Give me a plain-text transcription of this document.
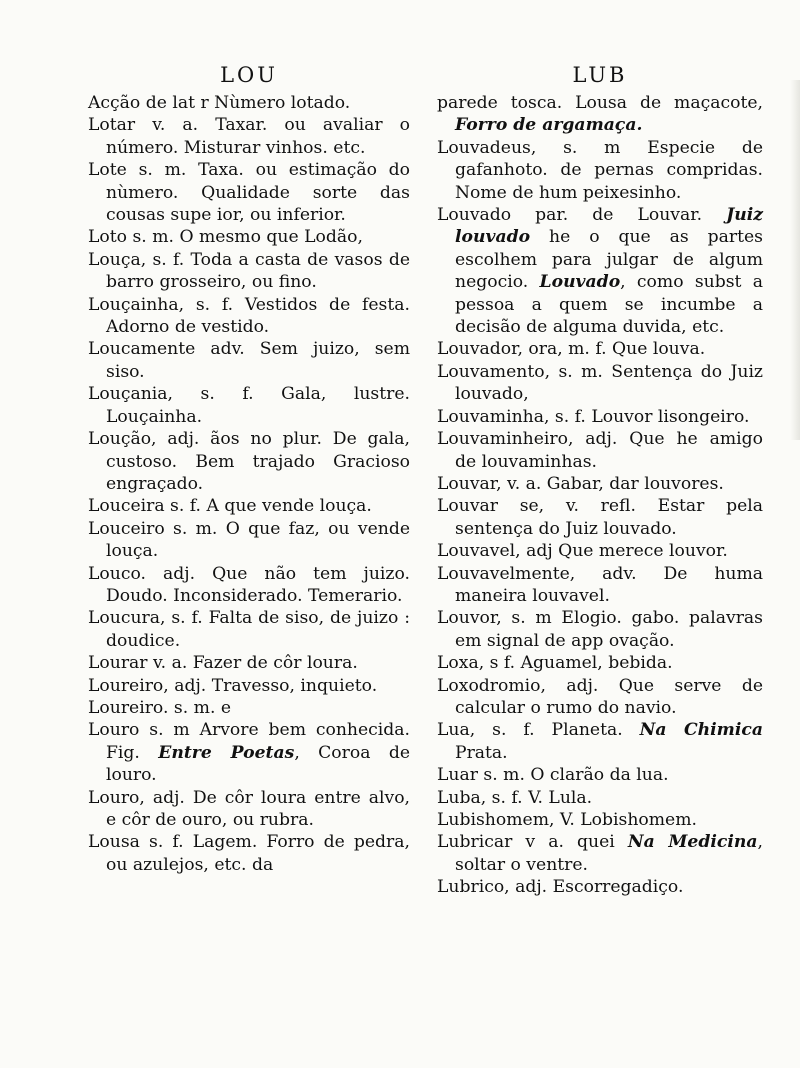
LOU

Acção de lat r Nùmero lotado.

Lotar v. a. Taxar. ou avaliar o número. Misturar vinhos. etc.

Lote s. m. Taxa. ou estimação do nùmero. Qualidade sorte das cousas supe ior, ou inferior.

Loto s. m. O mesmo que Lodão,

Louça, s. f. Toda a casta de vasos de barro grosseiro, ou fino.

Louçainha, s. f. Vestidos de festa. Adorno de vestido.

Loucamente adv. Sem juizo, sem siso.

Louçania, s. f. Gala, lustre. Louçainha.

Loução, adj. ãos no plur. De gala, custoso. Bem trajado Gracioso engraçado.

Louceira s. f. A que vende louça.

Louceiro s. m. O que faz, ou vende louça.

Louco. adj. Que não tem juizo. Doudo. Inconsiderado. Temerario.

Loucura, s. f. Falta de siso, de juizo : doudice.

Lourar v. a. Fazer de côr loura.

Loureiro, adj. Travesso, inquieto.

Loureiro. s. m. e

Louro s. m Arvore bem conhecida. Fig. Entre Poetas, Coroa de louro.

Louro, adj. De côr loura entre alvo, e côr de ouro, ou rubra.

Lousa s. f. Lagem. Forro de pedra, ou azulejos, etc. da

LUB

parede tosca. Lousa de maçacote, Forro de argamaça.

Louvadeus, s. m Especie de gafanhoto. de pernas compridas. Nome de hum peixesinho.

Louvado par. de Louvar. Juiz louvado he o que as partes escolhem para julgar de algum negocio. Louvado, como subst a pessoa a quem se incumbe a decisão de alguma duvida, etc.

Louvador, ora, m. f. Que louva.

Louvamento, s. m. Sentença do Juiz louvado,

Louvaminha, s. f. Louvor lisongeiro.

Louvaminheiro, adj. Que he amigo de louvaminhas.

Louvar, v. a. Gabar, dar louvores.

Louvar se, v. refl. Estar pela sentença do Juiz louvado.

Louvavel, adj Que merece louvor.

Louvavelmente, adv. De huma maneira louvavel.

Louvor, s. m Elogio. gabo. palavras em signal de app ovação.

Loxa, s f. Aguamel, bebida.

Loxodromio, adj. Que serve de calcular o rumo do navio.

Lua, s. f. Planeta. Na Chimica Prata.

Luar s. m. O clarão da lua.

Luba, s. f. V. Lula.

Lubishomem, V. Lobishomem.

Lubricar v a. quei Na Medicina, soltar o ventre.

Lubrico, adj. Escorregadiço.
